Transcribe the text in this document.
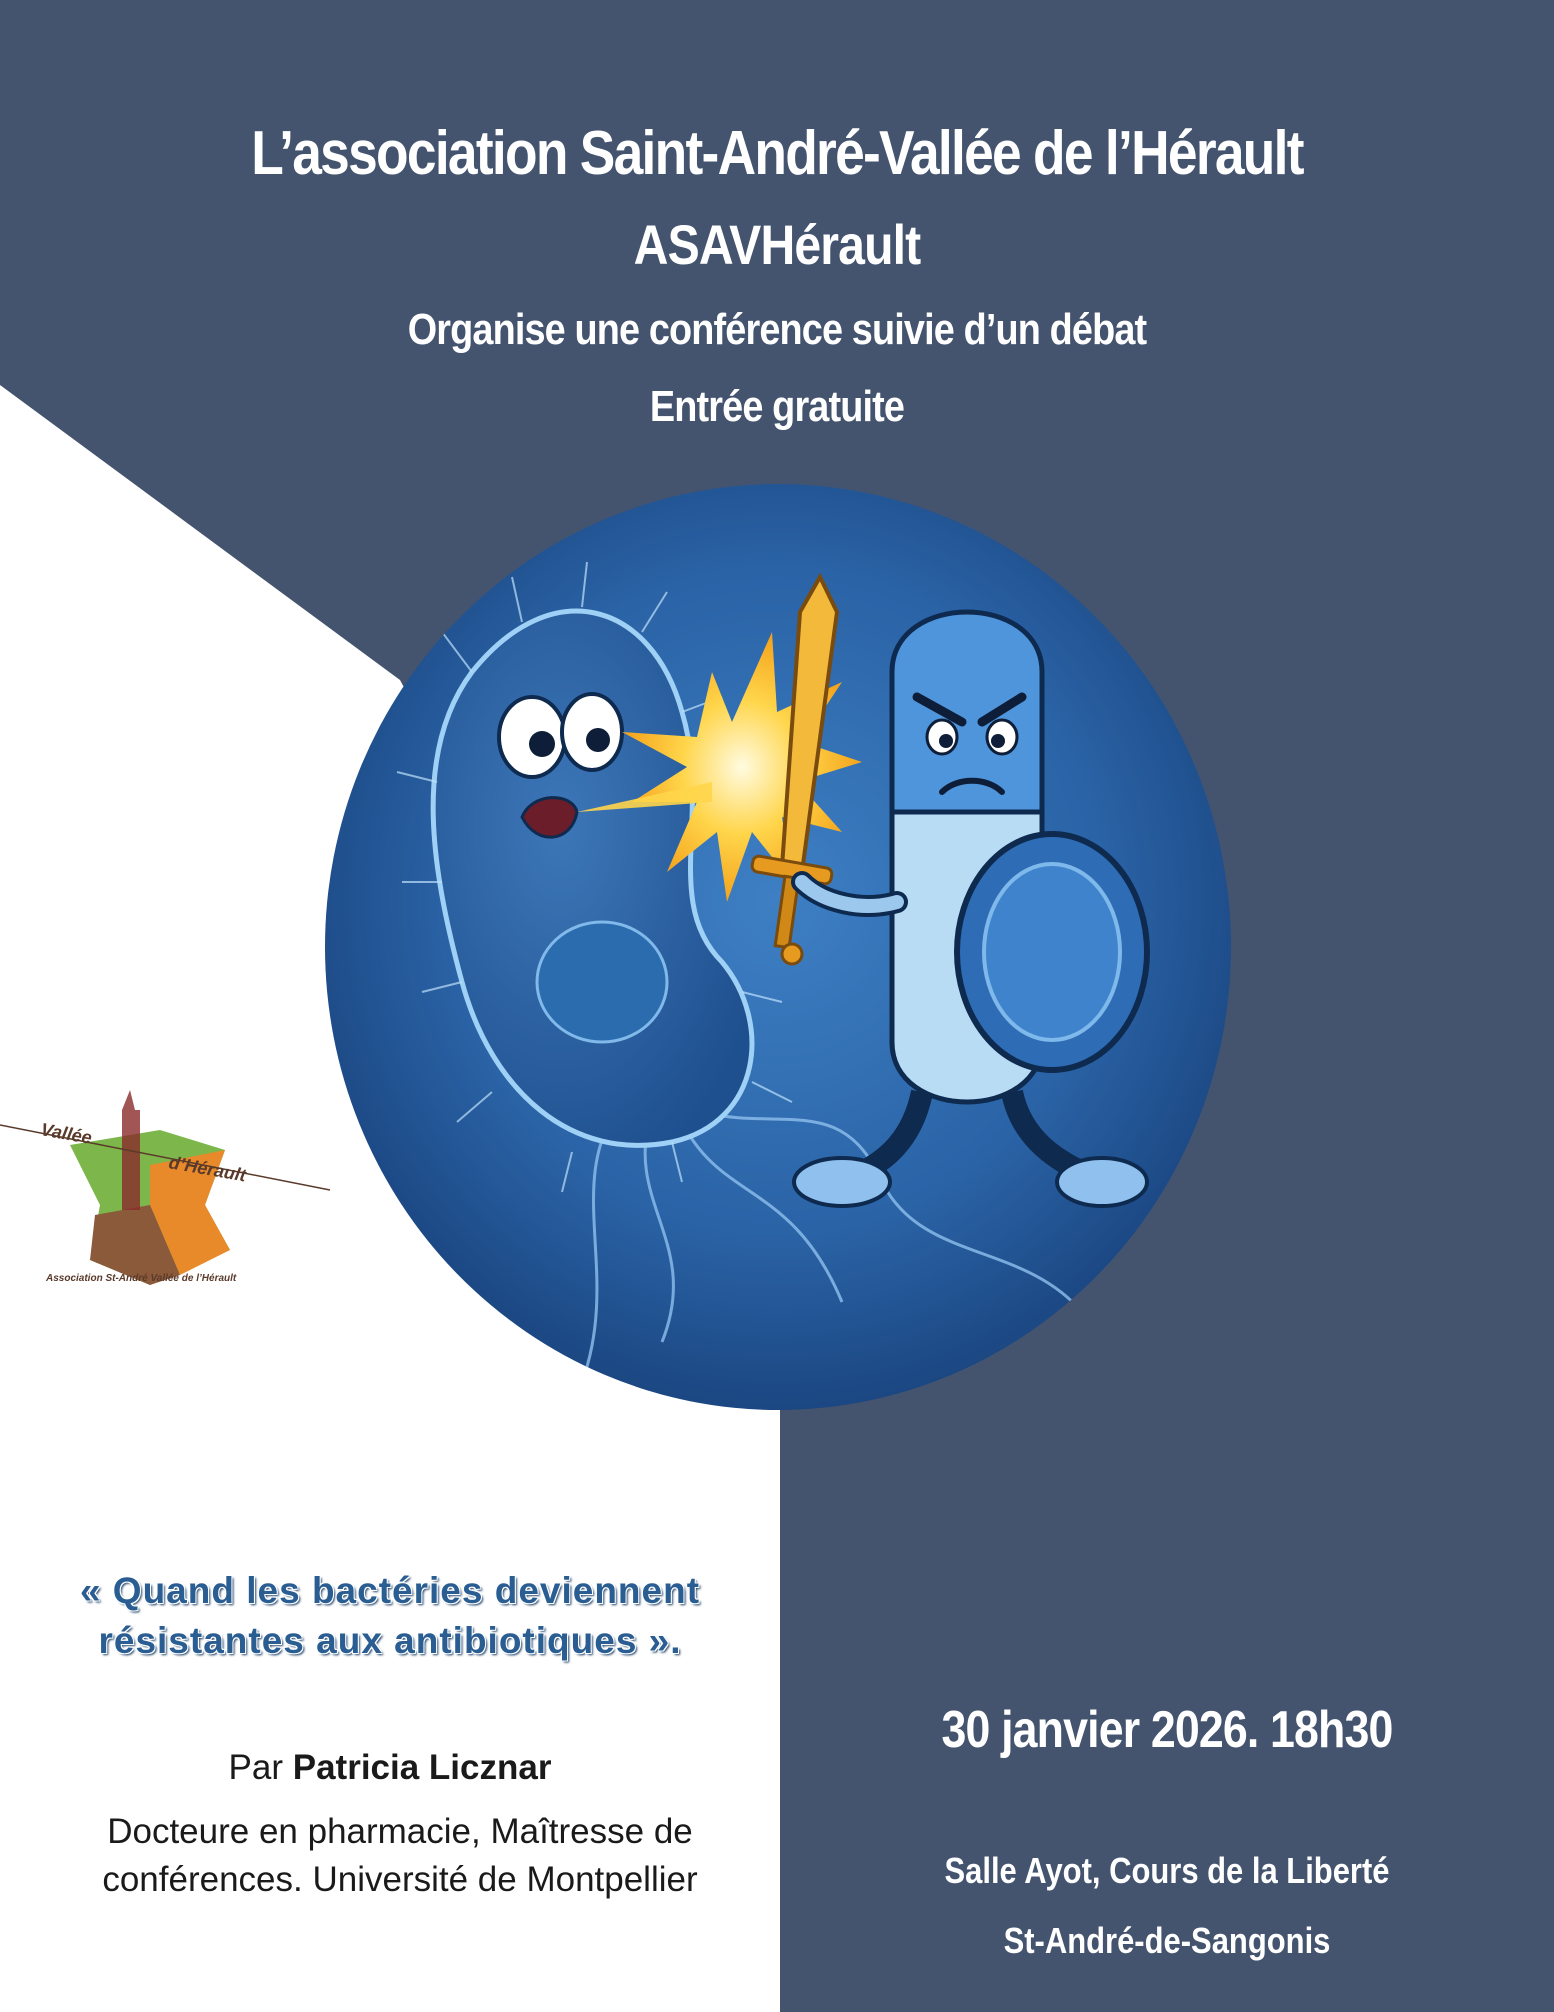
L’association Saint-André-Vallée de l’Hérault
ASAVHérault
Organise une conférence suivie d’un débat
Entrée gratuite
Vallée
d’Hérault
Association St-André Vallée de l’Hérault
« Quand les bactéries deviennent
résistantes aux antibiotiques ».
Par Patricia Licznar
Docteure en pharmacie, Maîtresse de
conférences. Université de Montpellier
30 janvier 2026. 18h30
Salle Ayot, Cours de la Liberté
St-André-de-Sangonis
